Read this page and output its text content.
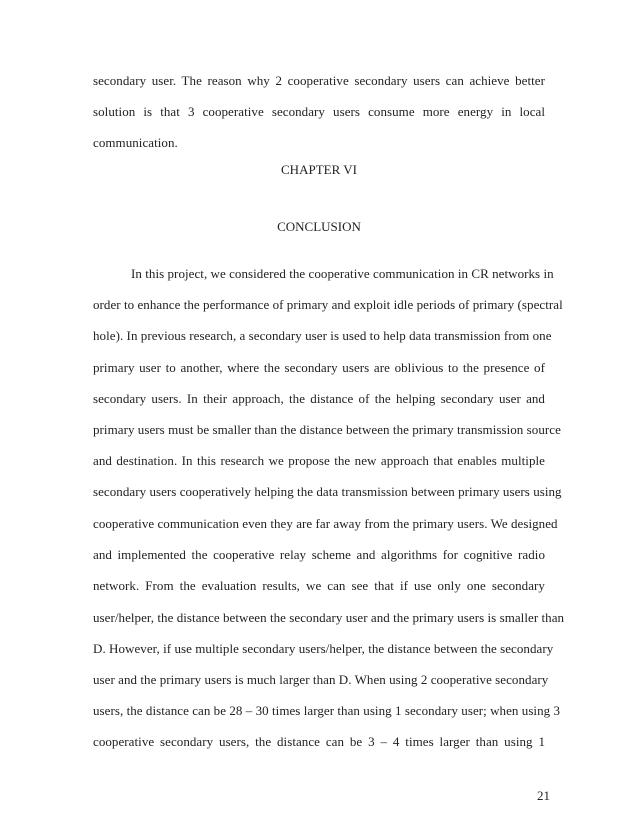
secondary user. The reason why 2 cooperative secondary users can achieve better
solution is that 3 cooperative secondary users consume more energy in local
communication.
CHAPTER VI
CONCLUSION
In this project, we considered the cooperative communication in CR networks in
order to enhance the performance of primary and exploit idle periods of primary (spectral
hole). In previous research, a secondary user is used to help data transmission from one
primary user to another, where the secondary users are oblivious to the presence of
secondary users. In their approach, the distance of the helping secondary user and
primary users must be smaller than the distance between the primary transmission source
and destination. In this research we propose the new approach that enables multiple
secondary users cooperatively helping the data transmission between primary users using
cooperative communication even they are far away from the primary users. We designed
and implemented the cooperative relay scheme and algorithms for cognitive radio
network. From the evaluation results, we can see that if use only one secondary
user/helper, the distance between the secondary user and the primary users is smaller than
D. However, if use multiple secondary users/helper, the distance between the secondary
user and the primary users is much larger than D. When using 2 cooperative secondary
users, the distance can be 28 – 30 times larger than using 1 secondary user; when using 3
cooperative secondary users, the distance can be 3 – 4 times larger than using 1
21
